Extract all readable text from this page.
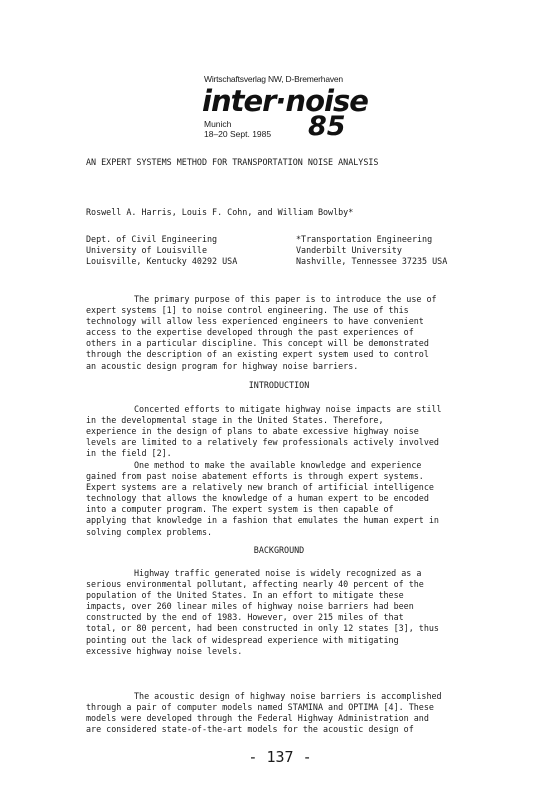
Wirtschaftsverlag NW, D-Bremerhaven
inter·noise
Munich
18–20 Sept. 1985 85
AN EXPERT SYSTEMS METHOD FOR TRANSPORTATION NOISE ANALYSIS
Roswell A. Harris, Louis F. Cohn, and William Bowlby*
Dept. of Civil Engineering
University of Louisville
Louisville, Kentucky 40292 USA
*Transportation Engineering
Vanderbilt University
Nashville, Tennessee 37235 USA
The primary purpose of this paper is to introduce the use of
expert systems [1] to noise control engineering. The use of this
technology will allow less experienced engineers to have convenient
access to the expertise developed through the past experiences of
others in a particular discipline. This concept will be demonstrated
through the description of an existing expert system used to control
an acoustic design program for highway noise barriers.
INTRODUCTION
Concerted efforts to mitigate highway noise impacts are still
in the developmental stage in the United States. Therefore,
experience in the design of plans to abate excessive highway noise
levels are limited to a relatively few professionals actively involved
in the field [2].
One method to make the available knowledge and experience
gained from past noise abatement efforts is through expert systems.
Expert systems are a relatively new branch of artificial intelligence
technology that allows the knowledge of a human expert to be encoded
into a computer program. The expert system is then capable of
applying that knowledge in a fashion that emulates the human expert in
solving complex problems.
BACKGROUND
Highway traffic generated noise is widely recognized as a
serious environmental pollutant, affecting nearly 40 percent of the
population of the United States. In an effort to mitigate these
impacts, over 260 linear miles of highway noise barriers had been
constructed by the end of 1983. However, over 215 miles of that
total, or 80 percent, had been constructed in only 12 states [3], thus
pointing out the lack of widespread experience with mitigating
excessive highway noise levels.
The acoustic design of highway noise barriers is accomplished
through a pair of computer models named STAMINA and OPTIMA [4]. These
models were developed through the Federal Highway Administration and
are considered state-of-the-art models for the acoustic design of
- 137 -
